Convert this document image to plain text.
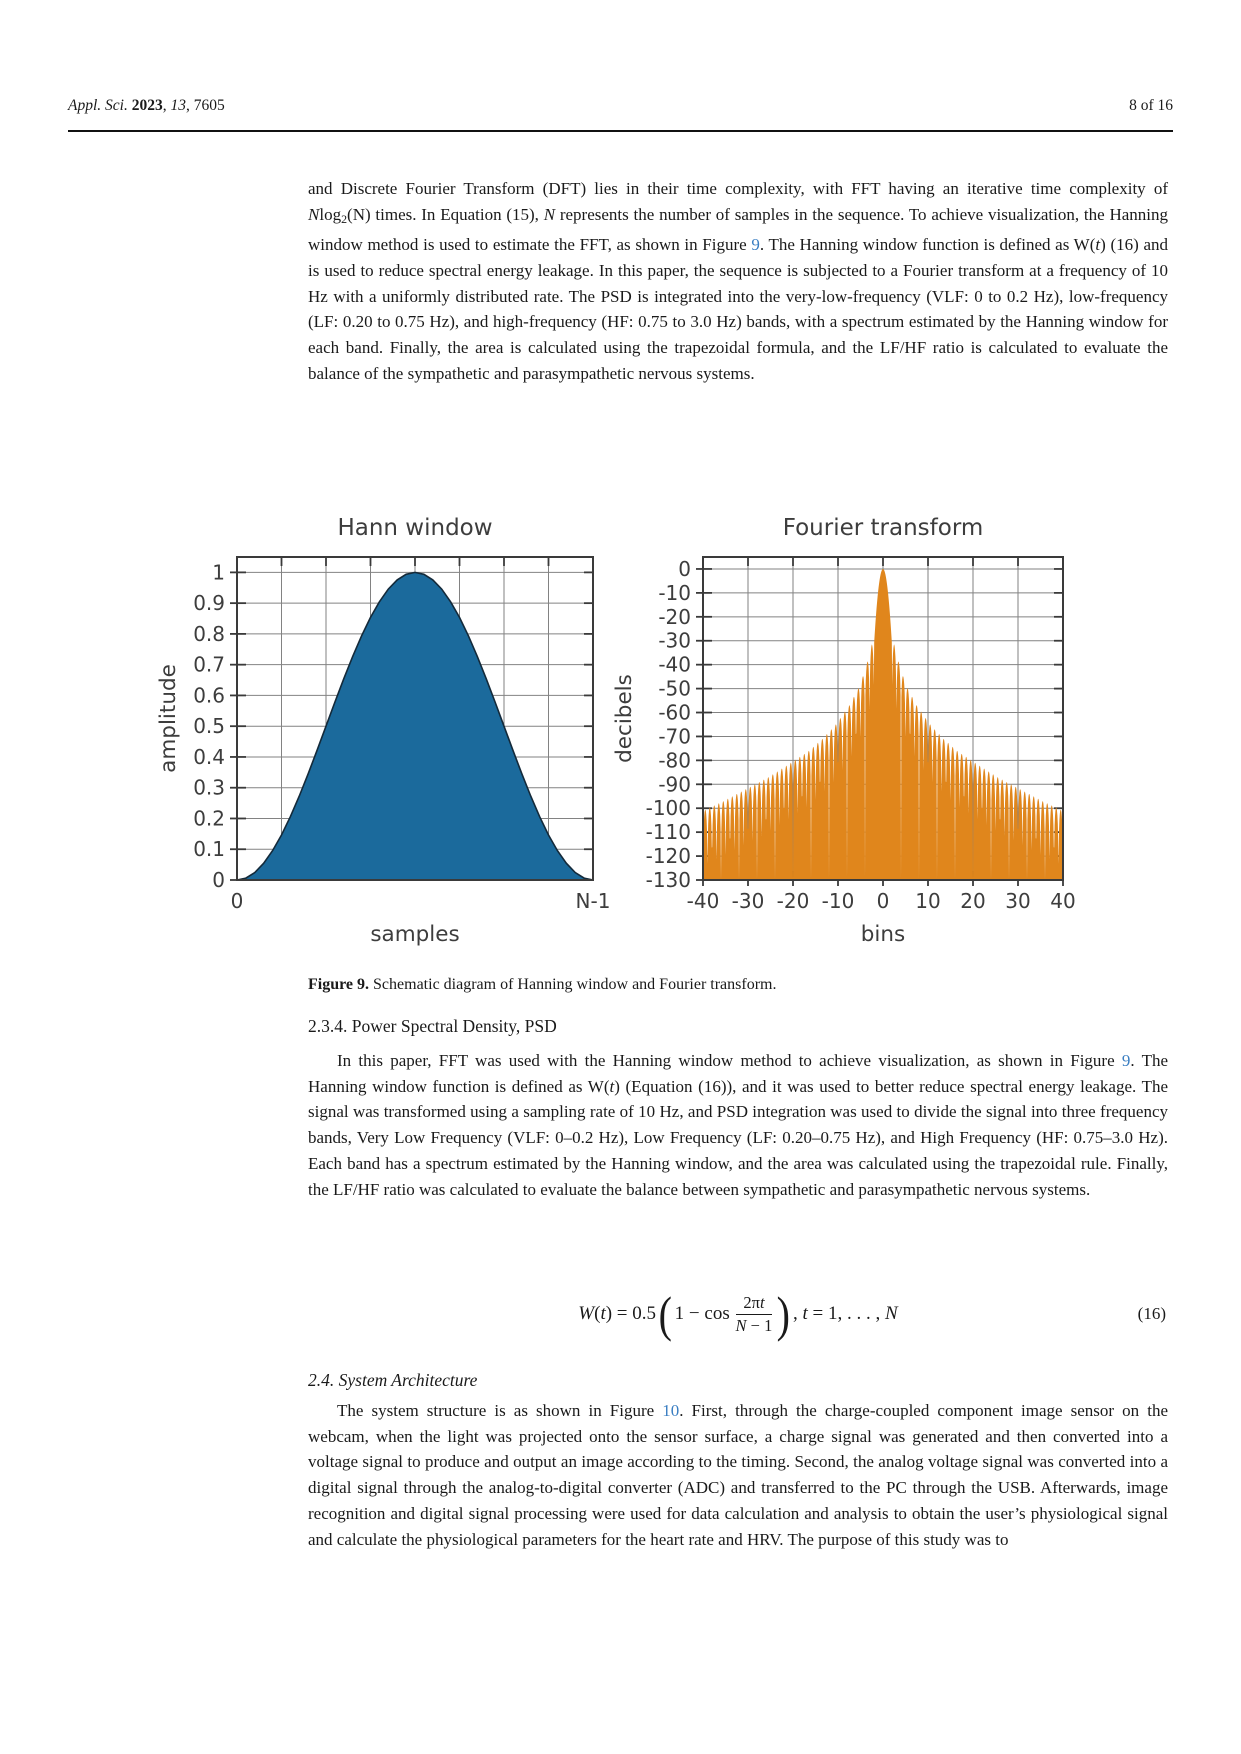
Appl. Sci. 2023, 13, 7605	8 of 16
and Discrete Fourier Transform (DFT) lies in their time complexity, with FFT having an iterative time complexity of Nlog$_2$(N) times. In Equation (15), N represents the number of samples in the sequence. To achieve visualization, the Hanning window method is used to estimate the FFT, as shown in Figure 9. The Hanning window function is defined as W(t) (16) and is used to reduce spectral energy leakage. In this paper, the sequence is subjected to a Fourier transform at a frequency of 10 Hz with a uniformly distributed rate. The PSD is integrated into the very-low-frequency (VLF: 0 to 0.2 Hz), low-frequency (LF: 0.20 to 0.75 Hz), and high-frequency (HF: 0.75 to 3.0 Hz) bands, with a spectrum estimated by the Hanning window for each band. Finally, the area is calculated using the trapezoidal formula, and the LF/HF ratio is calculated to evaluate the balance of the sympathetic and parasympathetic nervous systems.
0
0.1
0.2
0.3
0.4
0.5
0.6
0.7
0.8
0.9
1
0	N-1
Hann window
samples
amplitude
0
-10
-20
-30
-40
-50
-60
-70
-80
-90
-100
-110
-120
-130
-40 -30 -20 -10 0 10 20 30 40
Fourier transform
bins
decibels
Figure 9. Schematic diagram of Hanning window and Fourier transform.
2.3.4. Power Spectral Density, PSD
In this paper, FFT was used with the Hanning window method to achieve visualization, as shown in Figure 9. The Hanning window function is defined as W(t) (Equation (16)), and it was used to better reduce spectral energy leakage. The signal was transformed using a sampling rate of 10 Hz, and PSD integration was used to divide the signal into three frequency bands, Very Low Frequency (VLF: 0–0.2 Hz), Low Frequency (LF: 0.20–0.75 Hz), and High Frequency (HF: 0.75–3.0 Hz). Each band has a spectrum estimated by the Hanning window, and the area was calculated using the trapezoidal rule. Finally, the LF/HF ratio was calculated to evaluate the balance between sympathetic and parasympathetic nervous systems.
W(t) = 0.5 ( $1 - \cos \frac{2\pi t}{N - 1}$ ) , t = 1, . . . , N	(16)
2.4. System Architecture
The system structure is as shown in Figure 10. First, through the charge-coupled component image sensor on the webcam, when the light was projected onto the sensor surface, a charge signal was generated and then converted into a voltage signal to produce and output an image according to the timing. Second, the analog voltage signal was converted into a digital signal through the analog-to-digital converter (ADC) and transferred to the PC through the USB. Afterwards, image recognition and digital signal processing were used for data calculation and analysis to obtain the user’s physiological signal and calculate the physiological parameters for the heart rate and HRV. The purpose of this study was to
